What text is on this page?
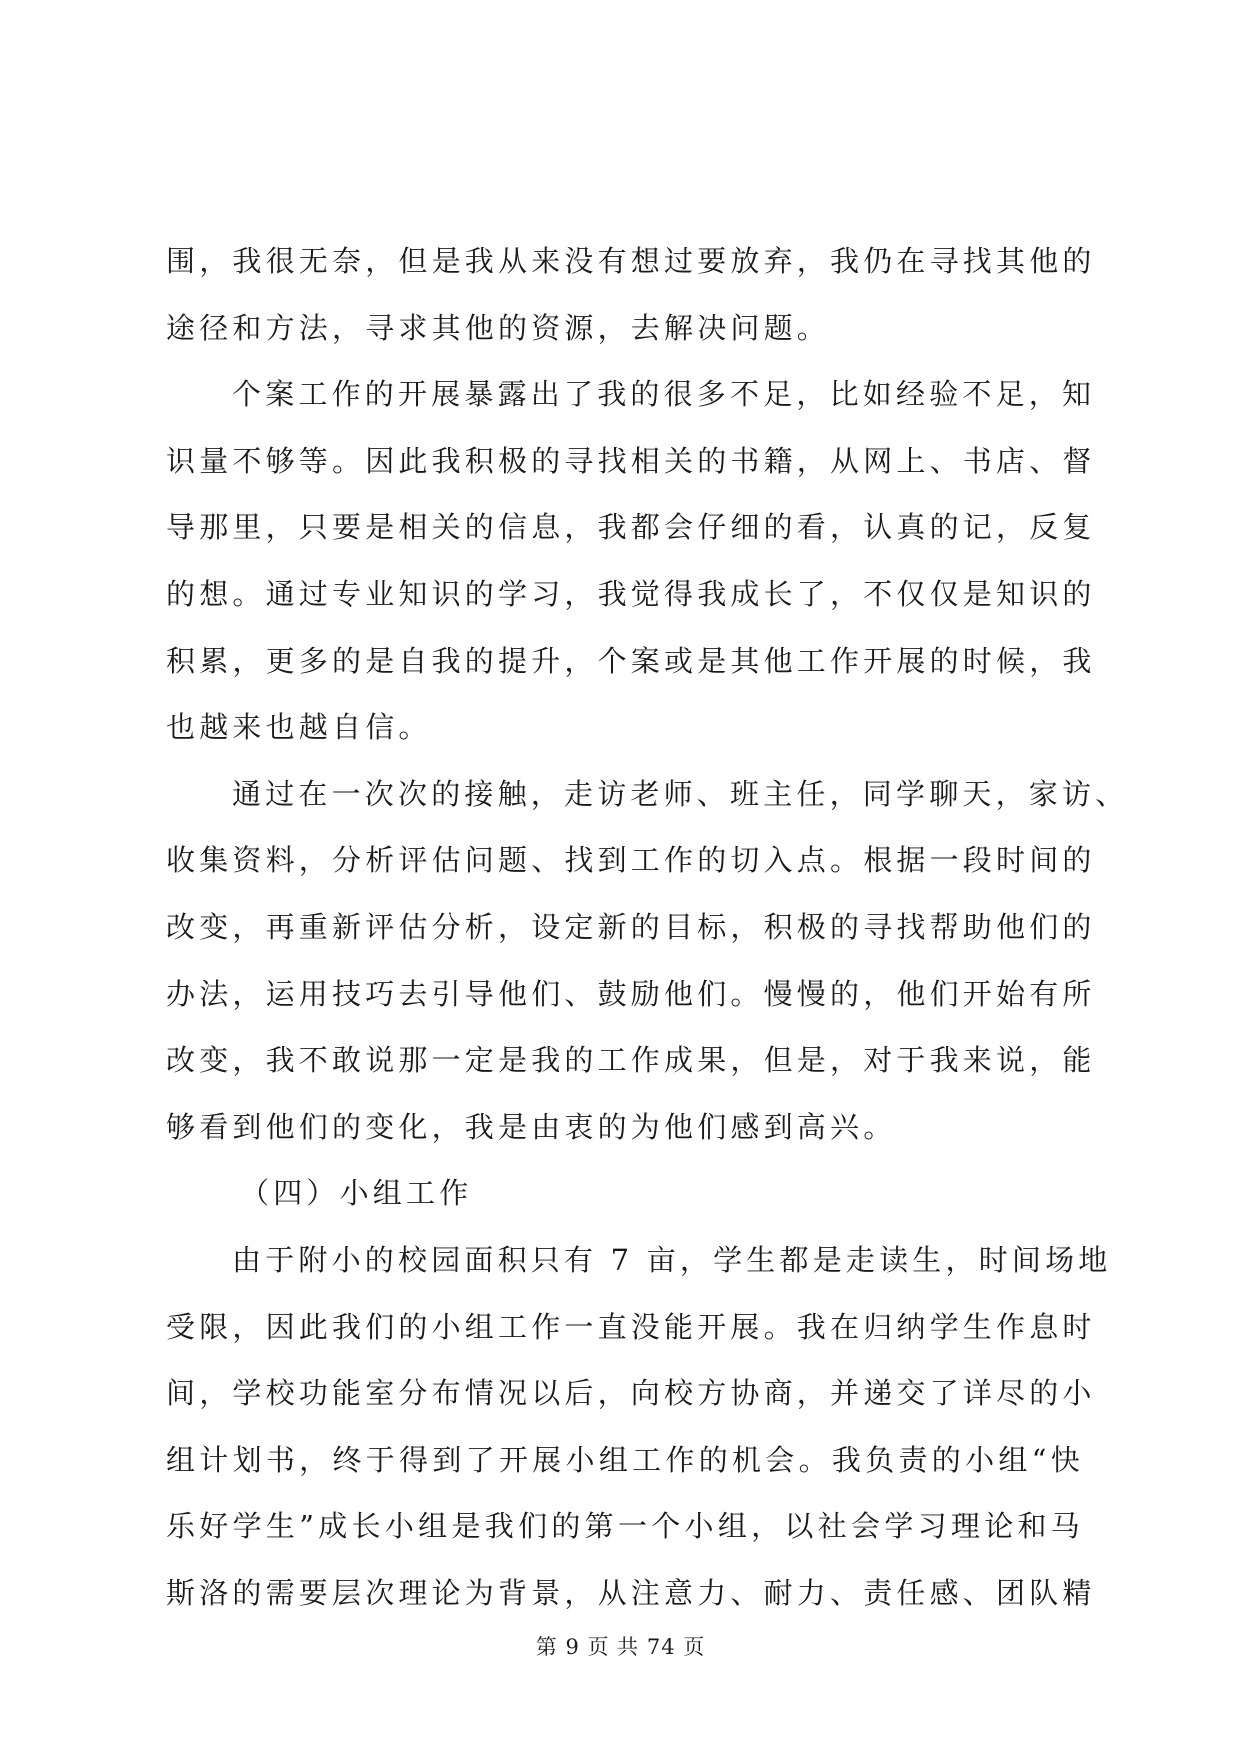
围，我很无奈，但是我从来没有想过要放弃，我仍在寻找其他的
途径和方法，寻求其他的资源，去解决问题。
个案工作的开展暴露出了我的很多不足，比如经验不足，知
识量不够等。因此我积极的寻找相关的书籍，从网上、书店、督
导那里，只要是相关的信息，我都会仔细的看，认真的记，反复
的想。通过专业知识的学习，我觉得我成长了，不仅仅是知识的
积累，更多的是自我的提升，个案或是其他工作开展的时候，我
也越来也越自信。
通过在一次次的接触，走访老师、班主任，同学聊天，家访、
收集资料，分析评估问题、找到工作的切入点。根据一段时间的
改变，再重新评估分析，设定新的目标，积极的寻找帮助他们的
办法，运用技巧去引导他们、鼓励他们。慢慢的，他们开始有所
改变，我不敢说那一定是我的工作成果，但是，对于我来说，能
够看到他们的变化，我是由衷的为他们感到高兴。
（四）小组工作
由于附小的校园面积只有 7 亩，学生都是走读生，时间场地
受限，因此我们的小组工作一直没能开展。我在归纳学生作息时
间，学校功能室分布情况以后，向校方协商，并递交了详尽的小
组计划书，终于得到了开展小组工作的机会。我负责的小组“快
乐好学生”成长小组是我们的第一个小组，以社会学习理论和马
斯洛的需要层次理论为背景，从注意力、耐力、责任感、团队精
第 9 页 共 74 页
